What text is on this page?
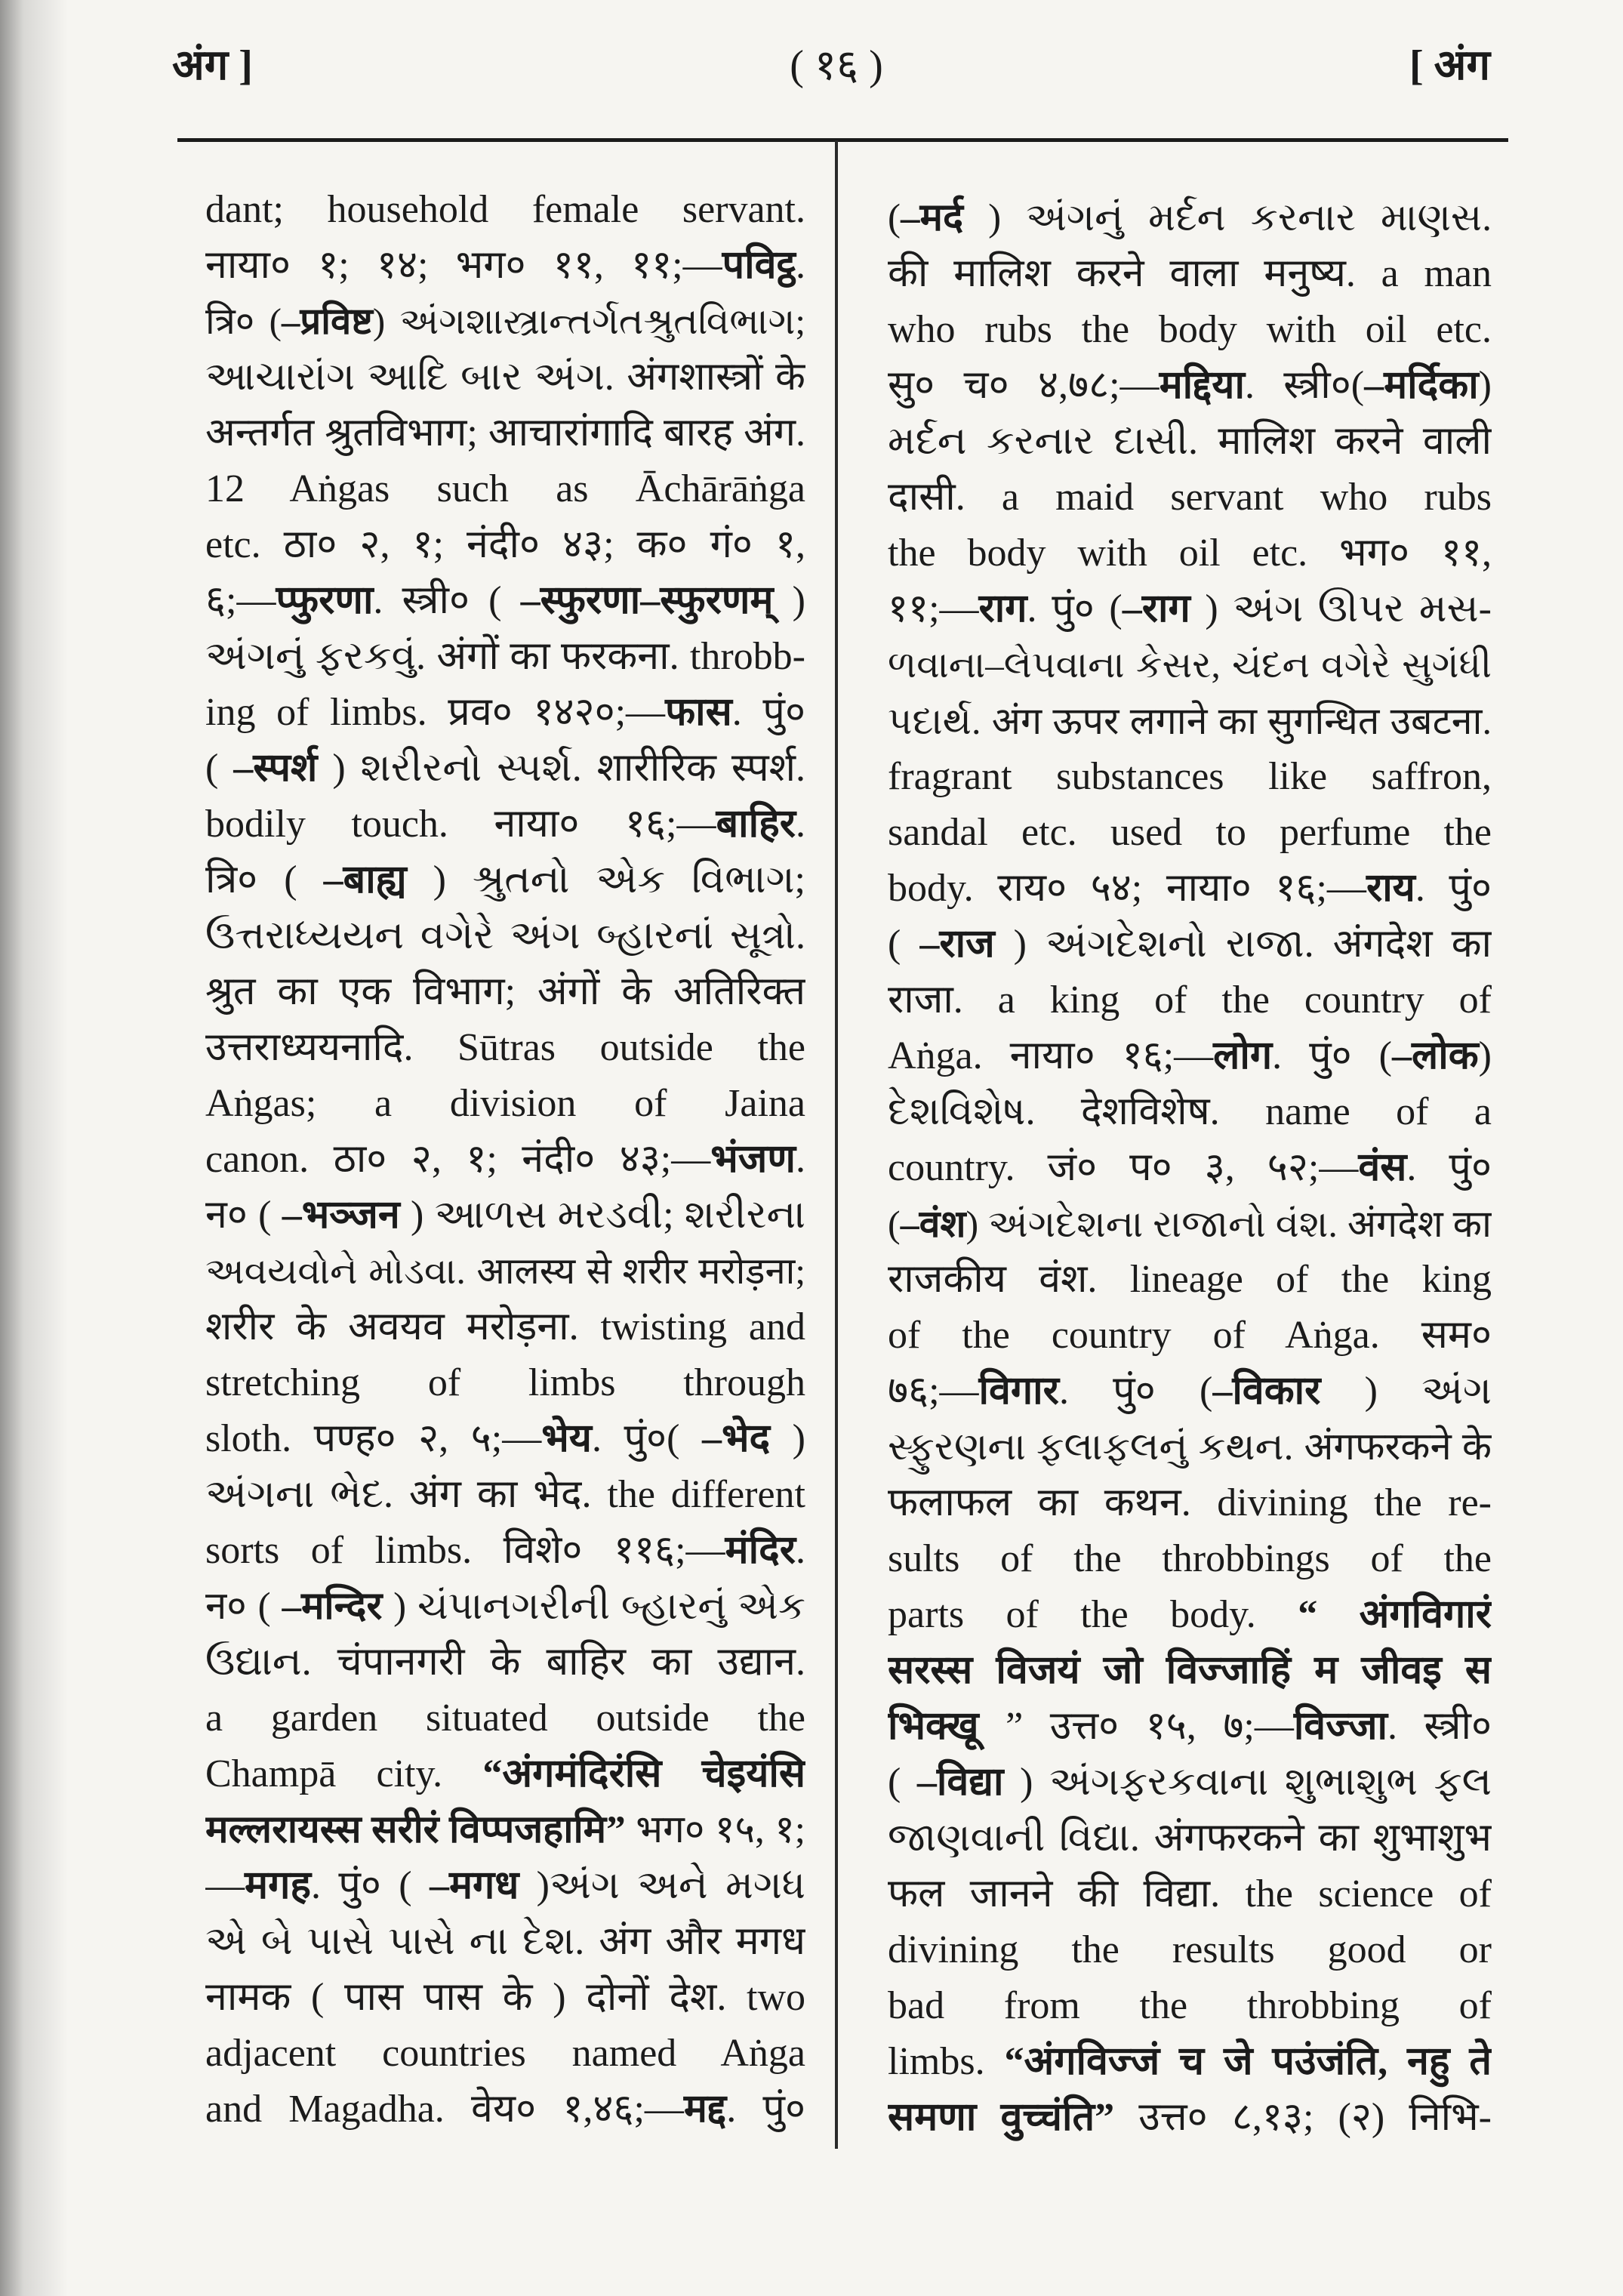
अंग ]	( १६ )	[ अंग
dant; household female servant.
नाया० १; १४; भग० ११, ११;—पविट्ठ.
त्रि० (–प्रविष्ट) અંગશાસ્ત્રાન્તર્ગતશ્રુતવિભાગ;
આચારાંગ આદિ બાર અંગ. अंगशास्त्रों के
अन्तर्गत श्रुतविभाग; आचारांगादि बारह अंग.
12 Aṅgas such as Āchārāṅga
etc. ठा० २, १; नंदी० ४३; क० गं० १,
६;—प्फुरणा. स्त्री० ( –स्फुरणा–स्फुरणम् )
અંગનું ફરકવું. अंगों का फरकना. throbb-
ing of limbs. प्रव० १४२०;—फास. पुं०
( –स्पर्श ) શરીરનો સ્પર્શ. शारीरिक स्पर्श.
bodily touch. नाया० १६;—बाहिर.
त्रि० ( –बाह्य ) શ્રુતનો એક વિભાગ;
ઉત્તરાધ્યયન વગેરે અંગ બ્હારનાં સૂત્રો.
श्रुत का एक विभाग; अंगों के अतिरिक्त
उत्तराध्ययनादि. Sūtras outside the
Aṅgas; a division of Jaina
canon. ठा० २, १; नंदी० ४३;—भंजण.
न० ( –भञ्जन ) આળસ મરડવી; શરીરના
અવયવોને મોડવા. आलस्य से शरीर मरोड़ना;
शरीर के अवयव मरोड़ना. twisting and
stretching of limbs through
sloth. पण्ह० २, ५;—भेय. पुं०( –भेद )
અંગના ભેદ. अंग का भेद. the different
sorts of limbs. विशे० ११६;—मंदिर.
न० ( –मन्दिर ) ચંપાનગરીની બ્હારનું એક
ઉદ્યાન. चंपानगरी के बाहिर का उद्यान.
a garden situated outside the
Champā city. “अंगमंदिरंसि चेइयंसि
मल्लरायस्स सरीरं विप्पजहामि” भग० १५, १;
—मगह. पुं० ( –मगध )અંગ અને મગધ
એ બે પાસે પાસે ના દેશ. अंग और मगध
नामक ( पास पास के ) दोनों देश. two
adjacent countries named Aṅga
and Magadha. वेय० १,४६;—मद्द. पुं०
(–मर्द ) અંગનું મર્દન કરનાર માણસ.
की मालिश करने वाला मनुष्य. a man
who rubs the body with oil etc.
सु० च० ४,७८;—मद्दिया. स्त्री०(–मर्दिका)
મર્દન કરનાર દાસી. मालिश करने वाली
दासी. a maid servant who rubs
the body with oil etc. भग० ११,
११;—राग. पुं० (–राग ) અંગ ઊપર મસ-
ળવાના–લેપવાના કેસર, ચંદન વગેરે સુગંધી
પદાર્થ. अंग ऊपर लगाने का सुगन्धित उबटना.
fragrant substances like saffron,
sandal etc. used to perfume the
body. राय० ५४; नाया० १६;—राय. पुं०
( –राज ) અંગદેશનો રાજા. अंगदेश का
राजा. a king of the country of
Aṅga. नाया० १६;—लोग. पुं० (–लोक)
દેશવિશેષ. देशविशेष. name of a
country. जं० प० ३, ५२;—वंस. पुं०
(–वंश) અંગદેશના રાજાનો વંશ. अंगदेश का
राजकीय वंश. lineage of the king
of the country of Aṅga. सम०
७६;—विगार. पुं० (–विकार ) અંગ
સ્ફુરણના ફલાફલનું કથન. अंगफरकने के
फलाफल का कथन. divining the re-
sults of the throbbings of the
parts of the body. “ अंगविगारं
सरस्स विजयं जो विज्जाहिं म जीवइ स
भिक्खू ” उत्त० १५, ७;—विज्जा. स्त्री०
( –विद्या ) અંગફરકવાના શુભાશુભ ફલ
જાણવાની વિદ્યા. अंगफरकने का शुभाशुभ
फल जानने की विद्या. the science of
divining the results good or
bad from the throbbing of
limbs. “अंगविज्जं च जे पउंजंति, नहु ते
समणा वुच्चंति” उत्त० ८,१३; (२) निभि-
